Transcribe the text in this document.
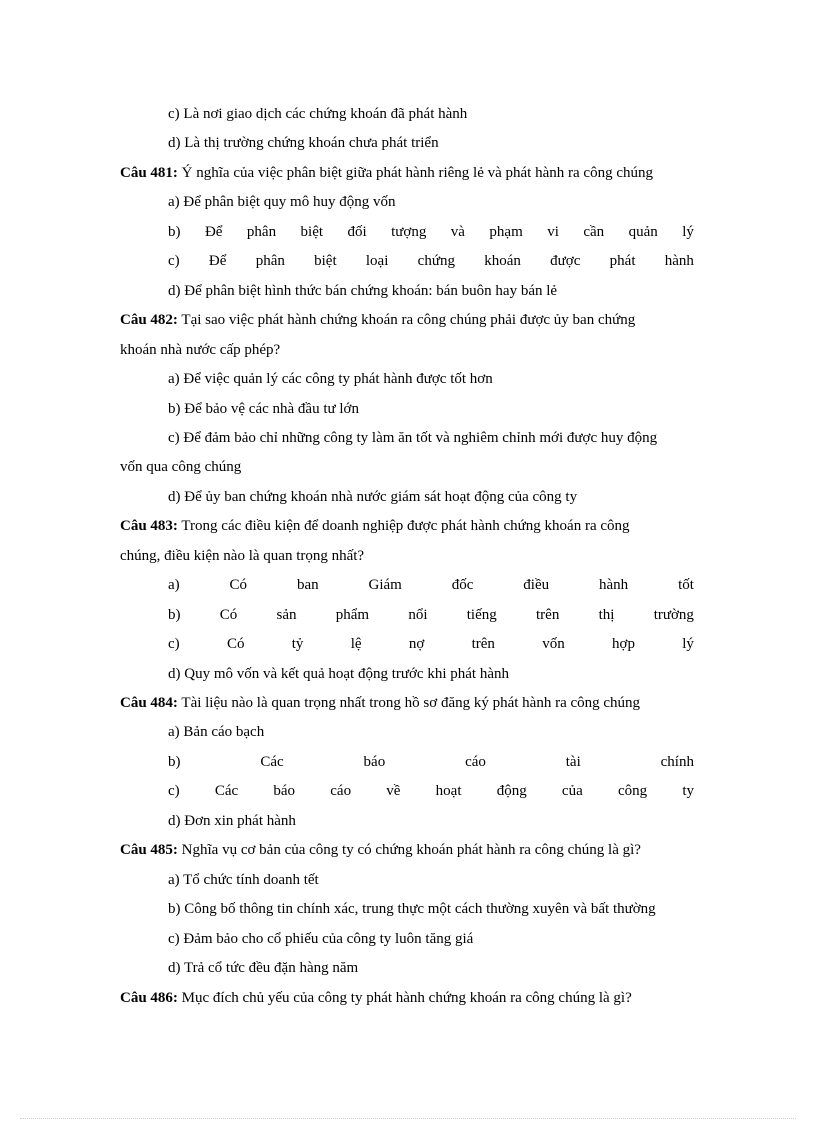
c) Là nơi giao dịch các chứng khoán đã phát hành
d) Là thị trường chứng khoán chưa phát triển
Câu 481: Ý nghĩa của việc phân biệt giữa phát hành riêng lẻ và phát hành ra công chúng
a) Để phân biệt quy mô huy động vốn
b) Để phân biệt đối tượng và phạm vi cần quản lý
c) Để phân biệt loại chứng khoán được phát hành
d) Để phân biệt hình thức bán chứng khoán: bán buôn hay bán lẻ
Câu 482: Tại sao việc phát hành chứng khoán ra công chúng phải được ủy ban chứng
khoán nhà nước cấp phép?
a) Để việc quản lý các công ty phát hành được tốt hơn
b) Để bảo vệ các nhà đầu tư lớn
c) Để đảm bảo chỉ những công ty làm ăn tốt và nghiêm chỉnh mới được huy động
vốn qua công chúng
d) Để ủy ban chứng khoán nhà nước giám sát hoạt động của công ty
Câu 483: Trong các điều kiện để doanh nghiệp được phát hành chứng khoán ra công
chúng, điều kiện nào là quan trọng nhất?
a)	Có	ban	Giám	đốc	điều	hành	tốt
b)	Có	sản	phẩm	nổi	tiếng	trên	thị	trường
c)	Có	tỷ	lệ	nợ	trên	vốn	hợp	lý
d) Quy mô vốn và kết quả hoạt động trước khi phát hành
Câu 484: Tài liệu nào là quan trọng nhất trong hồ sơ đăng ký phát hành ra công chúng
a) Bản cáo bạch
b)	Các	báo	cáo	tài	chính
c) Các báo cáo về hoạt động của công ty
d) Đơn xin phát hành
Câu 485: Nghĩa vụ cơ bản của công ty có chứng khoán phát hành ra công chúng là gì?
a) Tổ chức tính doanh tết
b) Công bố thông tin chính xác, trung thực một cách thường xuyên và bất thường
c) Đảm bảo cho cổ phiếu của công ty luôn tăng giá
d) Trả cổ tức đều đặn hàng năm
Câu 486: Mục đích chủ yếu của công ty phát hành chứng khoán ra công chúng là gì?
